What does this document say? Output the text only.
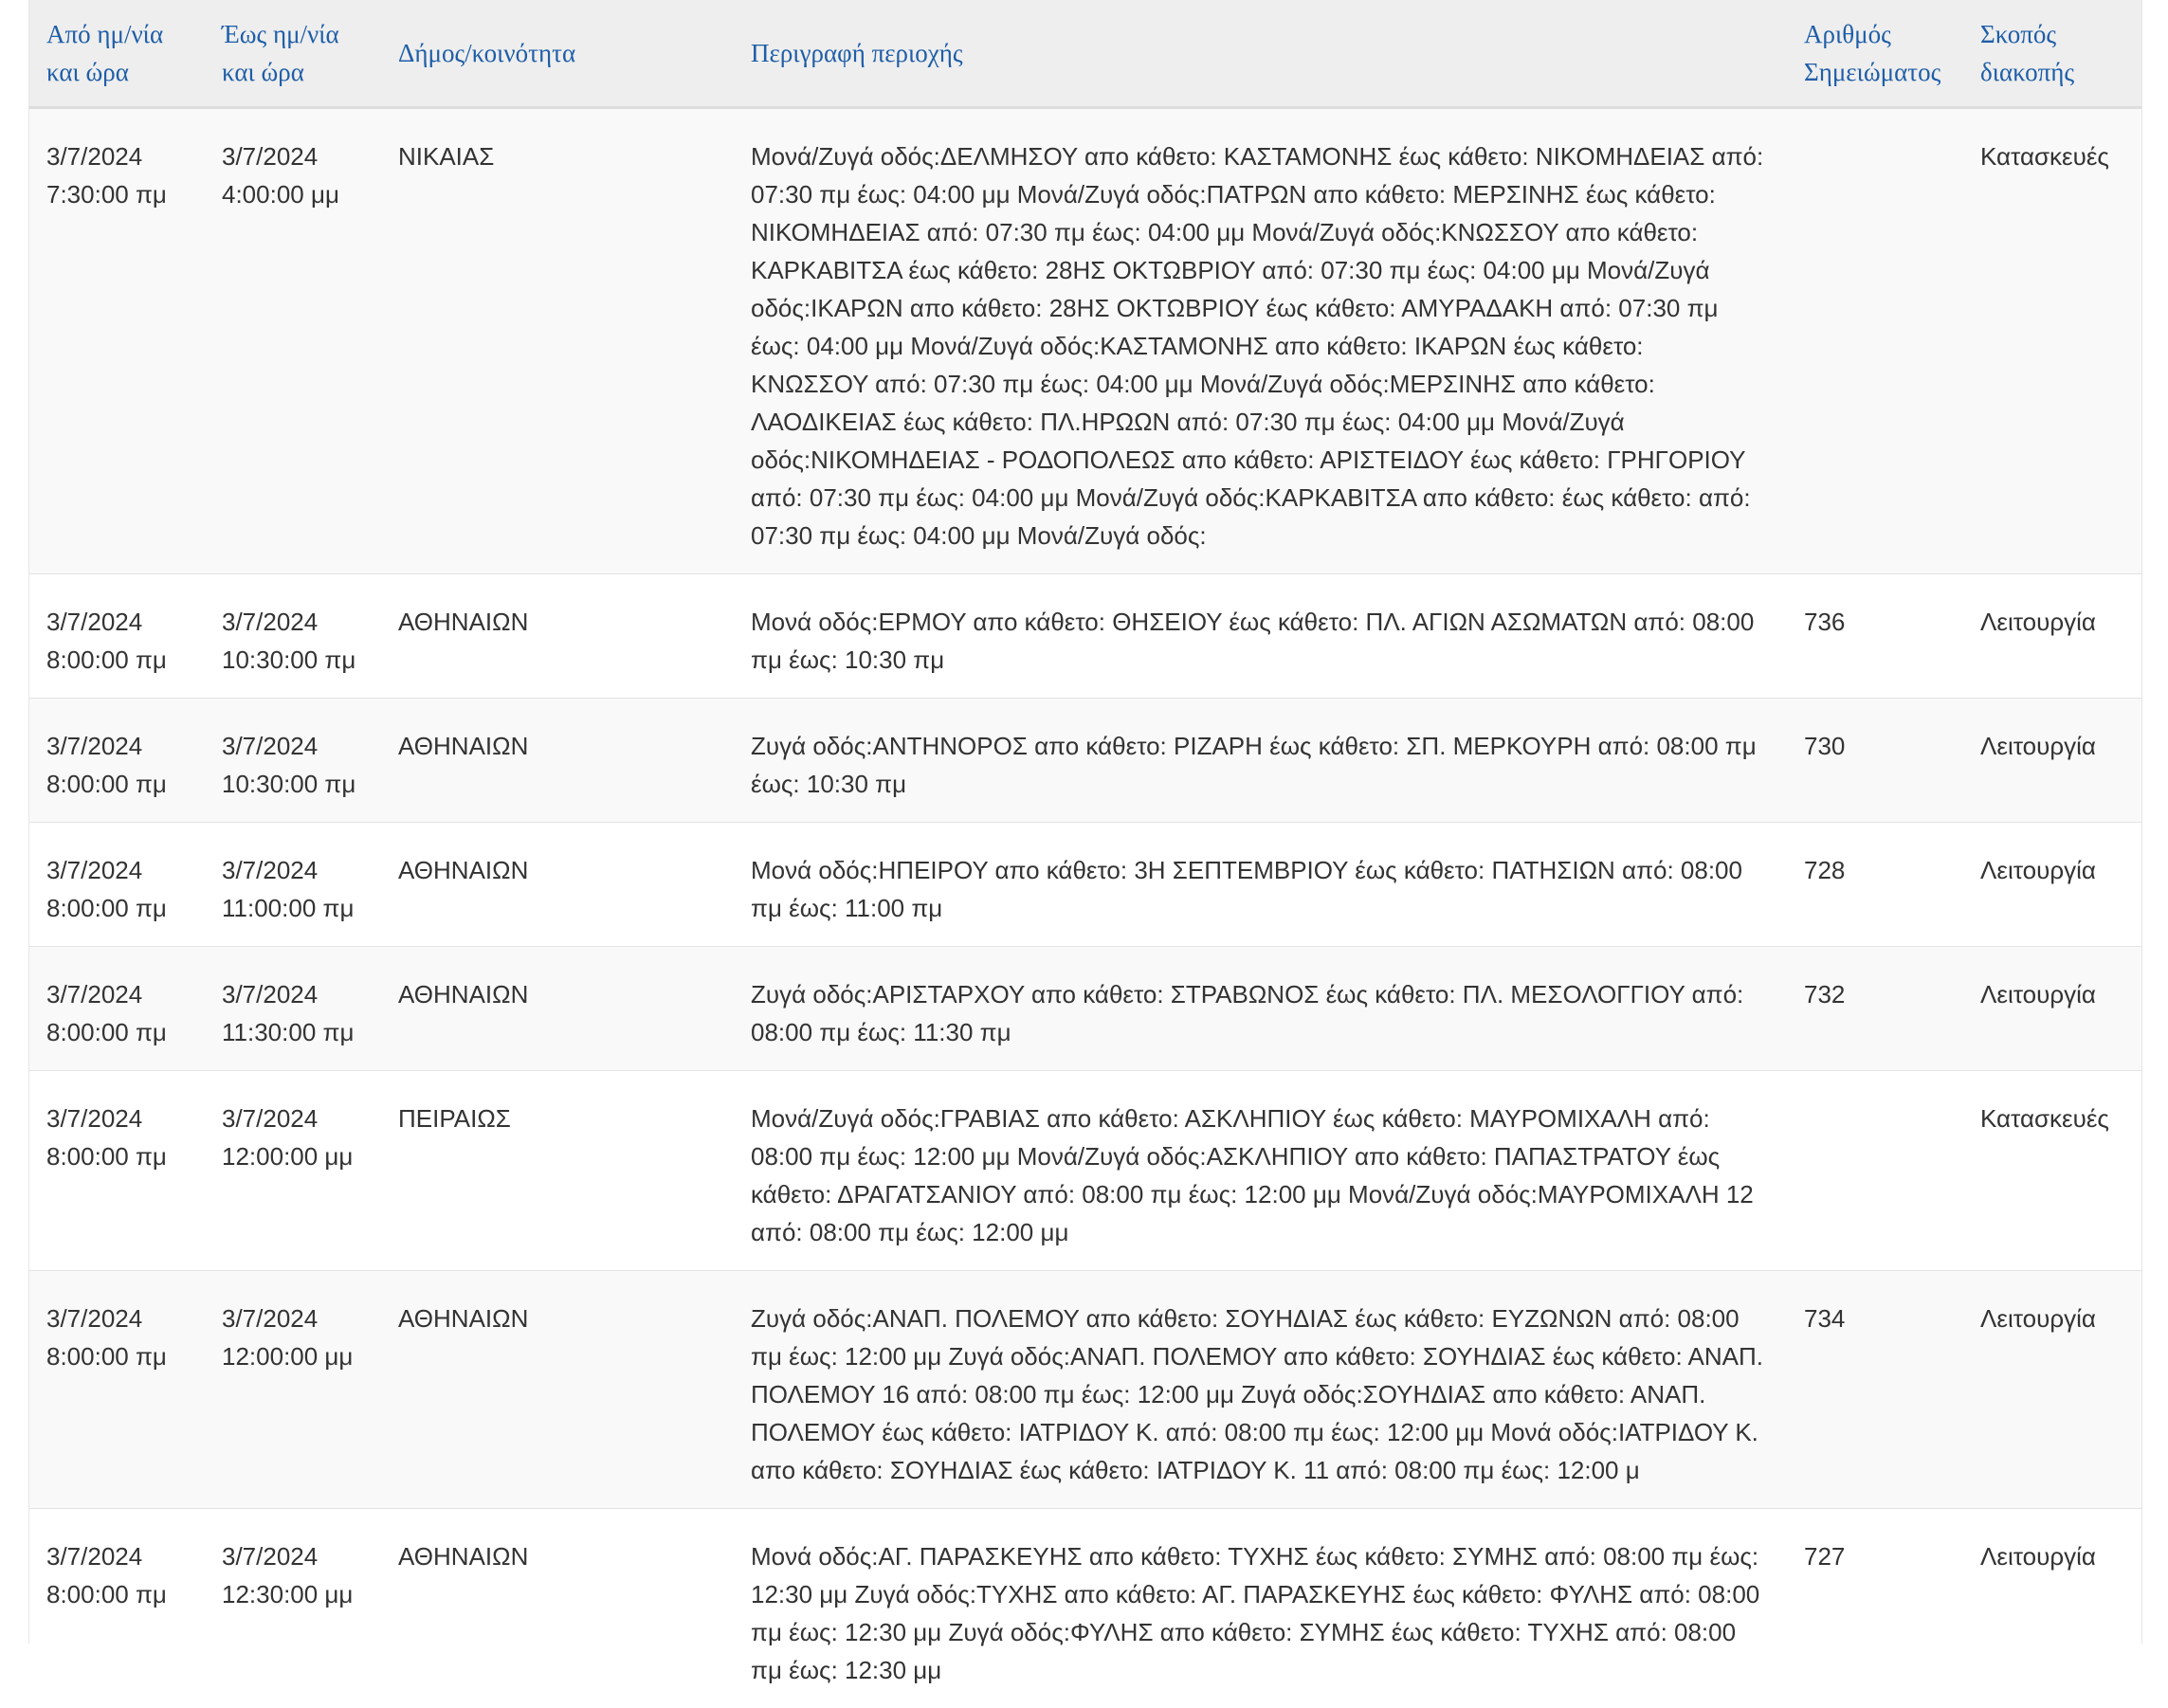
Από ημ/νία και ώρα	Έως ημ/νία και ώρα	Δήμος/κοινότητα	Περιγραφή περιοχής	Αριθμός Σημειώματος	Σκοπός διακοπής
3/7/2024 7:30:00 πμ	3/7/2024 4:00:00 μμ	ΝΙΚΑΙΑΣ	Μονά/Ζυγά οδός:ΔΕΛΜΗΣΟΥ απο κάθετο: ΚΑΣΤΑΜΟΝΗΣ έως κάθετο: ΝΙΚΟΜΗΔΕΙΑΣ από: 07:30 πμ έως: 04:00 μμ Μονά/Ζυγά οδός:ΠΑΤΡΩΝ απο κάθετο: ΜΕΡΣΙΝΗΣ έως κάθετο: ΝΙΚΟΜΗΔΕΙΑΣ από: 07:30 πμ έως: 04:00 μμ Μονά/Ζυγά οδός:ΚΝΩΣΣΟΥ απο κάθετο: ΚΑΡΚΑΒΙΤΣΑ έως κάθετο: 28ΗΣ ΟΚΤΩΒΡΙΟΥ από: 07:30 πμ έως: 04:00 μμ Μονά/Ζυγά οδός:ΙΚΑΡΩΝ απο κάθετο: 28ΗΣ ΟΚΤΩΒΡΙΟΥ έως κάθετο: ΑΜΥΡΑΔΑΚΗ από: 07:30 πμ έως: 04:00 μμ Μονά/Ζυγά οδός:ΚΑΣΤΑΜΟΝΗΣ απο κάθετο: ΙΚΑΡΩΝ έως κάθετο: ΚΝΩΣΣΟΥ από: 07:30 πμ έως: 04:00 μμ Μονά/Ζυγά οδός:ΜΕΡΣΙΝΗΣ απο κάθετο: ΛΑΟΔΙΚΕΙΑΣ έως κάθετο: ΠΛ.ΗΡΩΩΝ από: 07:30 πμ έως: 04:00 μμ Μονά/Ζυγά οδός:ΝΙΚΟΜΗΔΕΙΑΣ - ΡΟΔΟΠΟΛΕΩΣ απο κάθετο: ΑΡΙΣΤΕΙΔΟΥ έως κάθετο: ΓΡΗΓΟΡΙΟΥ από: 07:30 πμ έως: 04:00 μμ Μονά/Ζυγά οδός:ΚΑΡΚΑΒΙΤΣΑ απο κάθετο: έως κάθετο: από: 07:30 πμ έως: 04:00 μμ Μονά/Ζυγά οδός:		Κατασκευές
3/7/2024 8:00:00 πμ	3/7/2024 10:30:00 πμ	ΑΘΗΝΑΙΩΝ	Μονά οδός:ΕΡΜΟΥ απο κάθετο: ΘΗΣΕΙΟΥ έως κάθετο: ΠΛ. ΑΓΙΩΝ ΑΣΩΜΑΤΩΝ από: 08:00 πμ έως: 10:30 πμ	736	Λειτουργία
3/7/2024 8:00:00 πμ	3/7/2024 10:30:00 πμ	ΑΘΗΝΑΙΩΝ	Ζυγά οδός:ΑΝΤΗΝΟΡΟΣ απο κάθετο: ΡΙΖΑΡΗ έως κάθετο: ΣΠ. ΜΕΡΚΟΥΡΗ από: 08:00 πμ έως: 10:30 πμ	730	Λειτουργία
3/7/2024 8:00:00 πμ	3/7/2024 11:00:00 πμ	ΑΘΗΝΑΙΩΝ	Μονά οδός:ΗΠΕΙΡΟΥ απο κάθετο: 3Η ΣΕΠΤΕΜΒΡΙΟΥ έως κάθετο: ΠΑΤΗΣΙΩΝ από: 08:00 πμ έως: 11:00 πμ	728	Λειτουργία
3/7/2024 8:00:00 πμ	3/7/2024 11:30:00 πμ	ΑΘΗΝΑΙΩΝ	Ζυγά οδός:ΑΡΙΣΤΑΡΧΟΥ απο κάθετο: ΣΤΡΑΒΩΝΟΣ έως κάθετο: ΠΛ. ΜΕΣΟΛΟΓΓΙΟΥ από: 08:00 πμ έως: 11:30 πμ	732	Λειτουργία
3/7/2024 8:00:00 πμ	3/7/2024 12:00:00 μμ	ΠΕΙΡΑΙΩΣ	Μονά/Ζυγά οδός:ΓΡΑΒΙΑΣ απο κάθετο: ΑΣΚΛΗΠΙΟΥ έως κάθετο: ΜΑΥΡΟΜΙΧΑΛΗ από: 08:00 πμ έως: 12:00 μμ Μονά/Ζυγά οδός:ΑΣΚΛΗΠΙΟΥ απο κάθετο: ΠΑΠΑΣΤΡΑΤΟΥ έως κάθετο: ΔΡΑΓΑΤΣΑΝΙΟΥ από: 08:00 πμ έως: 12:00 μμ Μονά/Ζυγά οδός:ΜΑΥΡΟΜΙΧΑΛΗ 12 από: 08:00 πμ έως: 12:00 μμ		Κατασκευές
3/7/2024 8:00:00 πμ	3/7/2024 12:00:00 μμ	ΑΘΗΝΑΙΩΝ	Ζυγά οδός:ΑΝΑΠ. ΠΟΛΕΜΟΥ απο κάθετο: ΣΟΥΗΔΙΑΣ έως κάθετο: ΕΥΖΩΝΩΝ από: 08:00 πμ έως: 12:00 μμ Ζυγά οδός:ΑΝΑΠ. ΠΟΛΕΜΟΥ απο κάθετο: ΣΟΥΗΔΙΑΣ έως κάθετο: ΑΝΑΠ. ΠΟΛΕΜΟΥ 16 από: 08:00 πμ έως: 12:00 μμ Ζυγά οδός:ΣΟΥΗΔΙΑΣ απο κάθετο: ΑΝΑΠ. ΠΟΛΕΜΟΥ έως κάθετο: ΙΑΤΡΙΔΟΥ Κ. από: 08:00 πμ έως: 12:00 μμ Μονά οδός:ΙΑΤΡΙΔΟΥ Κ. απο κάθετο: ΣΟΥΗΔΙΑΣ έως κάθετο: ΙΑΤΡΙΔΟΥ Κ. 11 από: 08:00 πμ έως: 12:00 μ	734	Λειτουργία
3/7/2024 8:00:00 πμ	3/7/2024 12:30:00 μμ	ΑΘΗΝΑΙΩΝ	Μονά οδός:ΑΓ. ΠΑΡΑΣΚΕΥΗΣ απο κάθετο: ΤΥΧΗΣ έως κάθετο: ΣΥΜΗΣ από: 08:00 πμ έως: 12:30 μμ Ζυγά οδός:ΤΥΧΗΣ απο κάθετο: ΑΓ. ΠΑΡΑΣΚΕΥΗΣ έως κάθετο: ΦΥΛΗΣ από: 08:00 πμ έως: 12:30 μμ Ζυγά οδός:ΦΥΛΗΣ απο κάθετο: ΣΥΜΗΣ έως κάθετο: ΤΥΧΗΣ από: 08:00 πμ έως: 12:30 μμ	727	Λειτουργία
